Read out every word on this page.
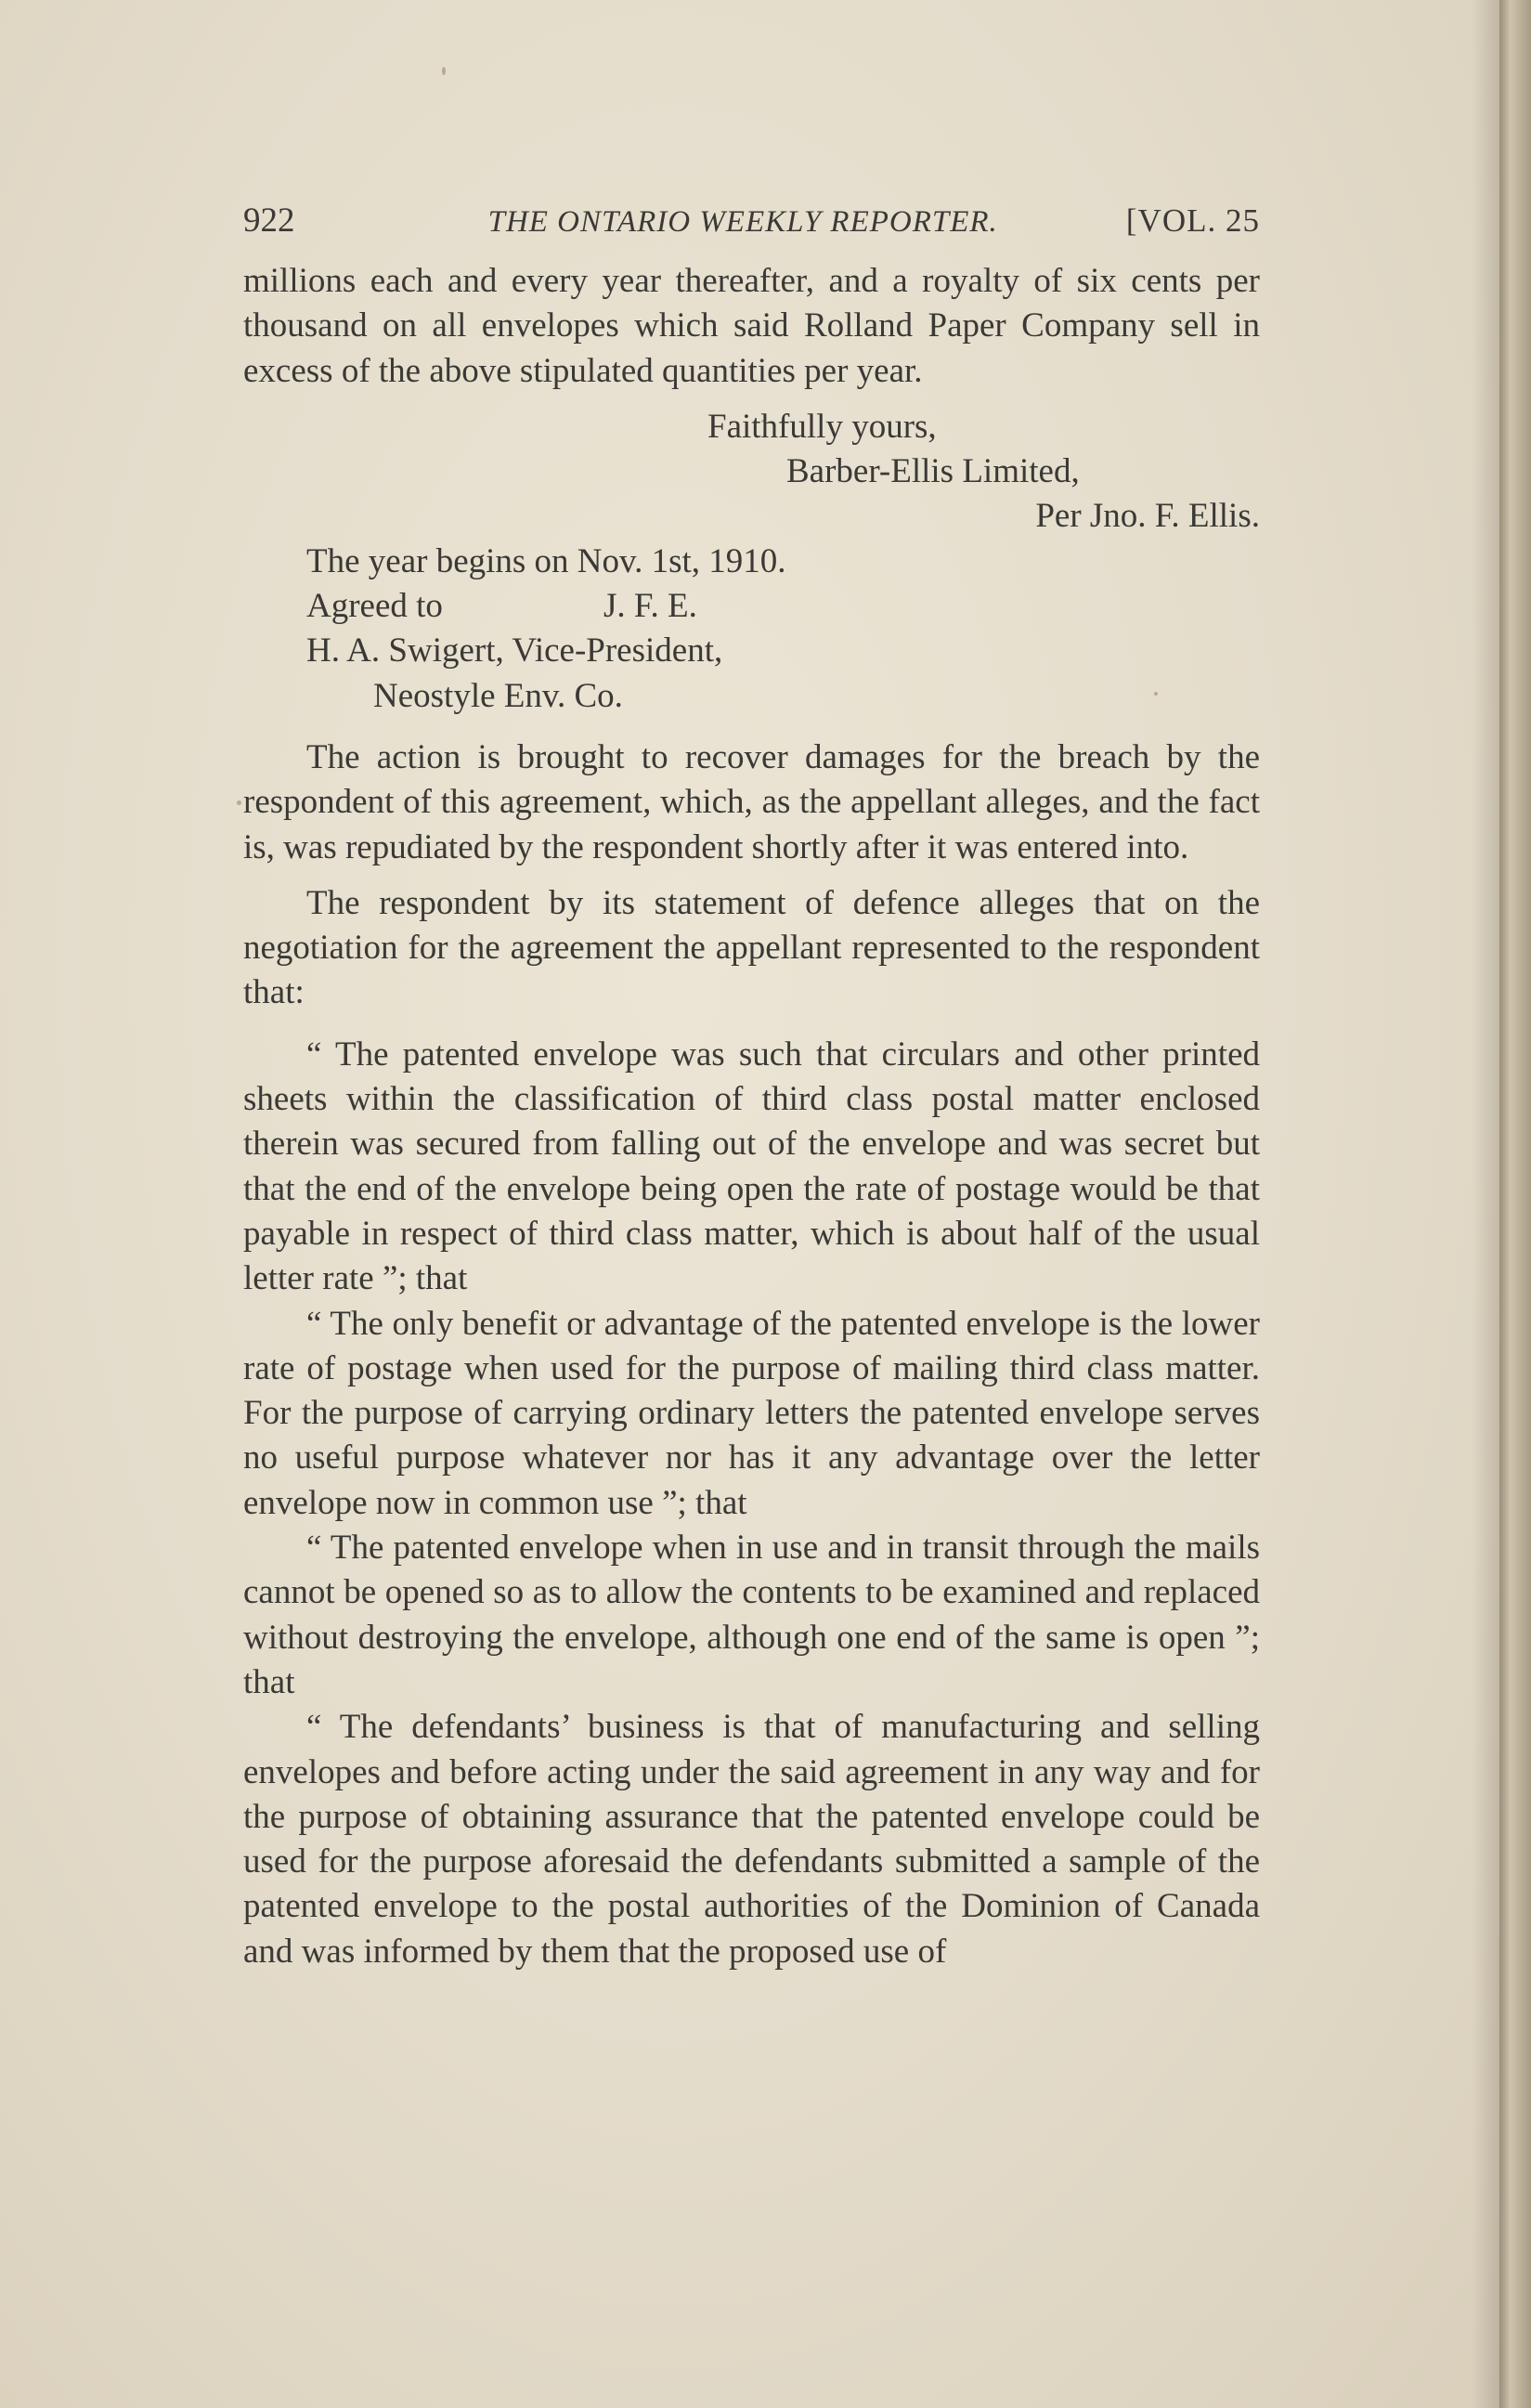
922	THE ONTARIO WEEKLY REPORTER.	[VOL. 25

millions each and every year thereafter, and a royalty of six cents per thousand on all envelopes which said Rolland Paper Company sell in excess of the above stipulated quantities per year.

Faithfully yours,
Barber-Ellis Limited,
Per Jno. F. Ellis.
The year begins on Nov. 1st, 1910.
Agreed to	J. F. E.
H. A. Swigert, Vice-President,
Neostyle Env. Co.

The action is brought to recover damages for the breach by the respondent of this agreement, which, as the appellant alleges, and the fact is, was repudiated by the respondent shortly after it was entered into.

The respondent by its statement of defence alleges that on the negotiation for the agreement the appellant represented to the respondent that:

“ The patented envelope was such that circulars and other printed sheets within the classification of third class postal matter enclosed therein was secured from falling out of the envelope and was secret but that the end of the envelope being open the rate of postage would be that payable in respect of third class matter, which is about half of the usual letter rate ”; that

“ The only benefit or advantage of the patented envelope is the lower rate of postage when used for the purpose of mailing third class matter. For the purpose of carrying ordinary letters the patented envelope serves no useful purpose whatever nor has it any advantage over the letter envelope now in common use ”; that

“ The patented envelope when in use and in transit through the mails cannot be opened so as to allow the contents to be examined and replaced without destroying the envelope, although one end of the same is open ”; that

“ The defendants’ business is that of manufacturing and selling envelopes and before acting under the said agreement in any way and for the purpose of obtaining assurance that the patented envelope could be used for the purpose aforesaid the defendants submitted a sample of the patented envelope to the postal authorities of the Dominion of Canada and was informed by them that the proposed use of
